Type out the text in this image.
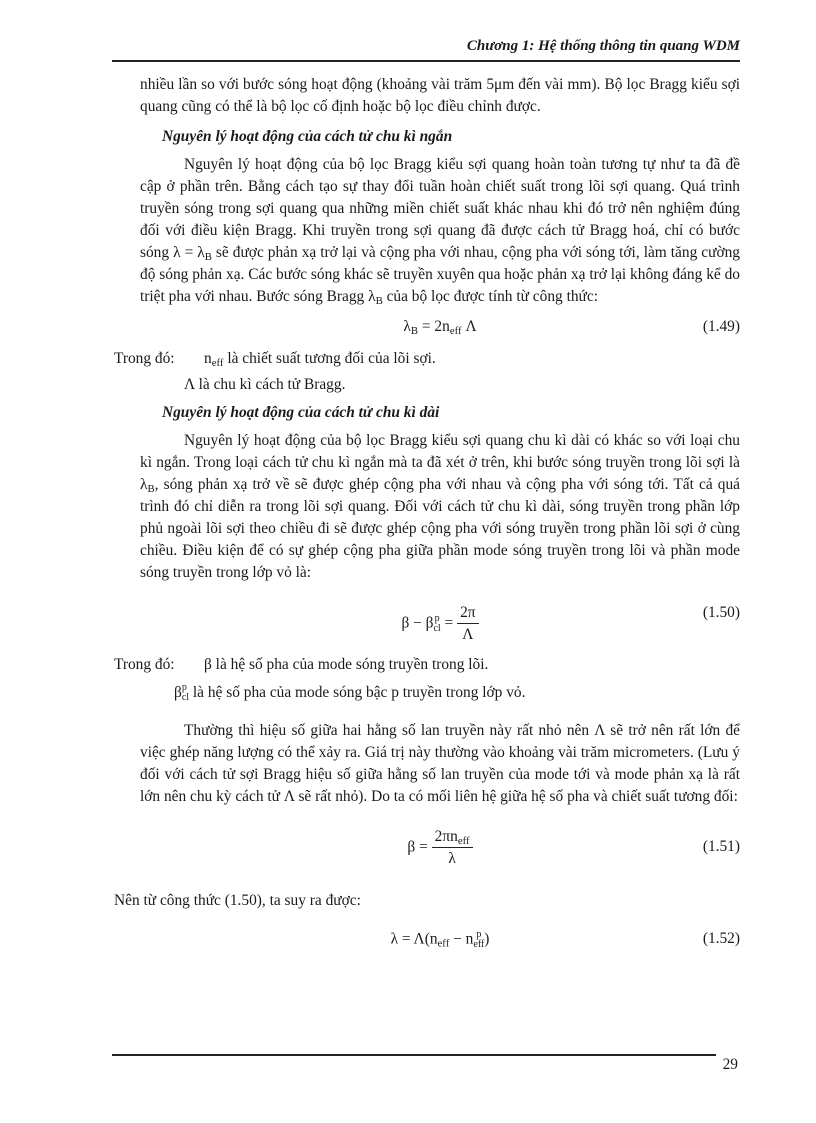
Chương 1: Hệ thống thông tin quang WDM

nhiều lần so với bước sóng hoạt động (khoảng vài trăm 5μm đến vài mm). Bộ lọc Bragg kiểu sợi quang cũng có thể là bộ lọc cố định hoặc bộ lọc điều chỉnh được.

Nguyên lý hoạt động của cách tử chu kì ngắn

Nguyên lý hoạt động của bộ lọc Bragg kiểu sợi quang hoàn toàn tương tự như ta đã đề cập ở phần trên. Bằng cách tạo sự thay đổi tuần hoàn chiết suất trong lõi sợi quang. Quá trình truyền sóng trong sợi quang qua những miền chiết suất khác nhau khi đó trở nên nghiệm đúng đối với điều kiện Bragg. Khi truyền trong sợi quang đã được cách tử Bragg hoá, chỉ có bước sóng $\lambda = \lambda_B$ sẽ được phản xạ trở lại và cộng pha với nhau, cộng pha với sóng tới, làm tăng cường độ sóng phản xạ. Các bước sóng khác sẽ truyền xuyên qua hoặc phản xạ trở lại không đáng kể do triệt pha với nhau. Bước sóng Bragg $\lambda_B$ của bộ lọc được tính từ công thức:

$\lambda_B = 2n_{eff}$ Λ	(1.49)
Trong đó: $n_{eff}$ là chiết suất tương đối của lõi sợi.
Λ là chu kì cách tử Bragg.
Nguyên lý hoạt động của cách tử chu kì dài

Nguyên lý hoạt động của bộ lọc Bragg kiểu sợi quang chu kì dài có khác so với loại chu kì ngắn. Trong loại cách tử chu kì ngắn mà ta đã xét ở trên, khi bước sóng truyền trong lõi sợi là $\lambda_B$, sóng phản xạ trở về sẽ được ghép cộng pha với nhau và cộng pha với sóng tới. Tất cả quá trình đó chỉ diễn ra trong lõi sợi quang. Đối với cách tử chu kì dài, sóng truyền trong phần lớp phủ ngoài lõi sợi theo chiều đi sẽ được ghép cộng pha với sóng truyền trong phần lõi sợi ở cùng chiều. Điều kiện để có sự ghép cộng pha giữa phần mode sóng truyền trong lõi và phần mode sóng truyền trong lớp vỏ là:

β − β p
cl = $\frac{2\pi}{\Lambda}$	(1.50)
Trong đó: β là hệ số pha của mode sóng truyền trong lõi.
β p
cl là hệ số pha của mode sóng bậc p truyền trong lớp vỏ.

Thường thì hiệu số giữa hai hằng số lan truyền này rất nhỏ nên Λ sẽ trở nên rất lớn để việc ghép năng lượng có thể xảy ra. Giá trị này thường vào khoảng vài trăm micrometers. (Lưu ý đối với cách tử sợi Bragg hiệu số giữa hằng số lan truyền của mode tới và mode phản xạ là rất lớn nên chu kỳ cách tử Λ sẽ rất nhỏ). Do ta có mối liên hệ giữa hệ số pha và chiết suất tương đối:

$\beta = \frac{2\pi n_{eff}}{\lambda}$	(1.51)
Nên từ công thức (1.50), ta suy ra được:
$\lambda = \Lambda(n_{eff} - n$ p
eff )	(1.52)
29
